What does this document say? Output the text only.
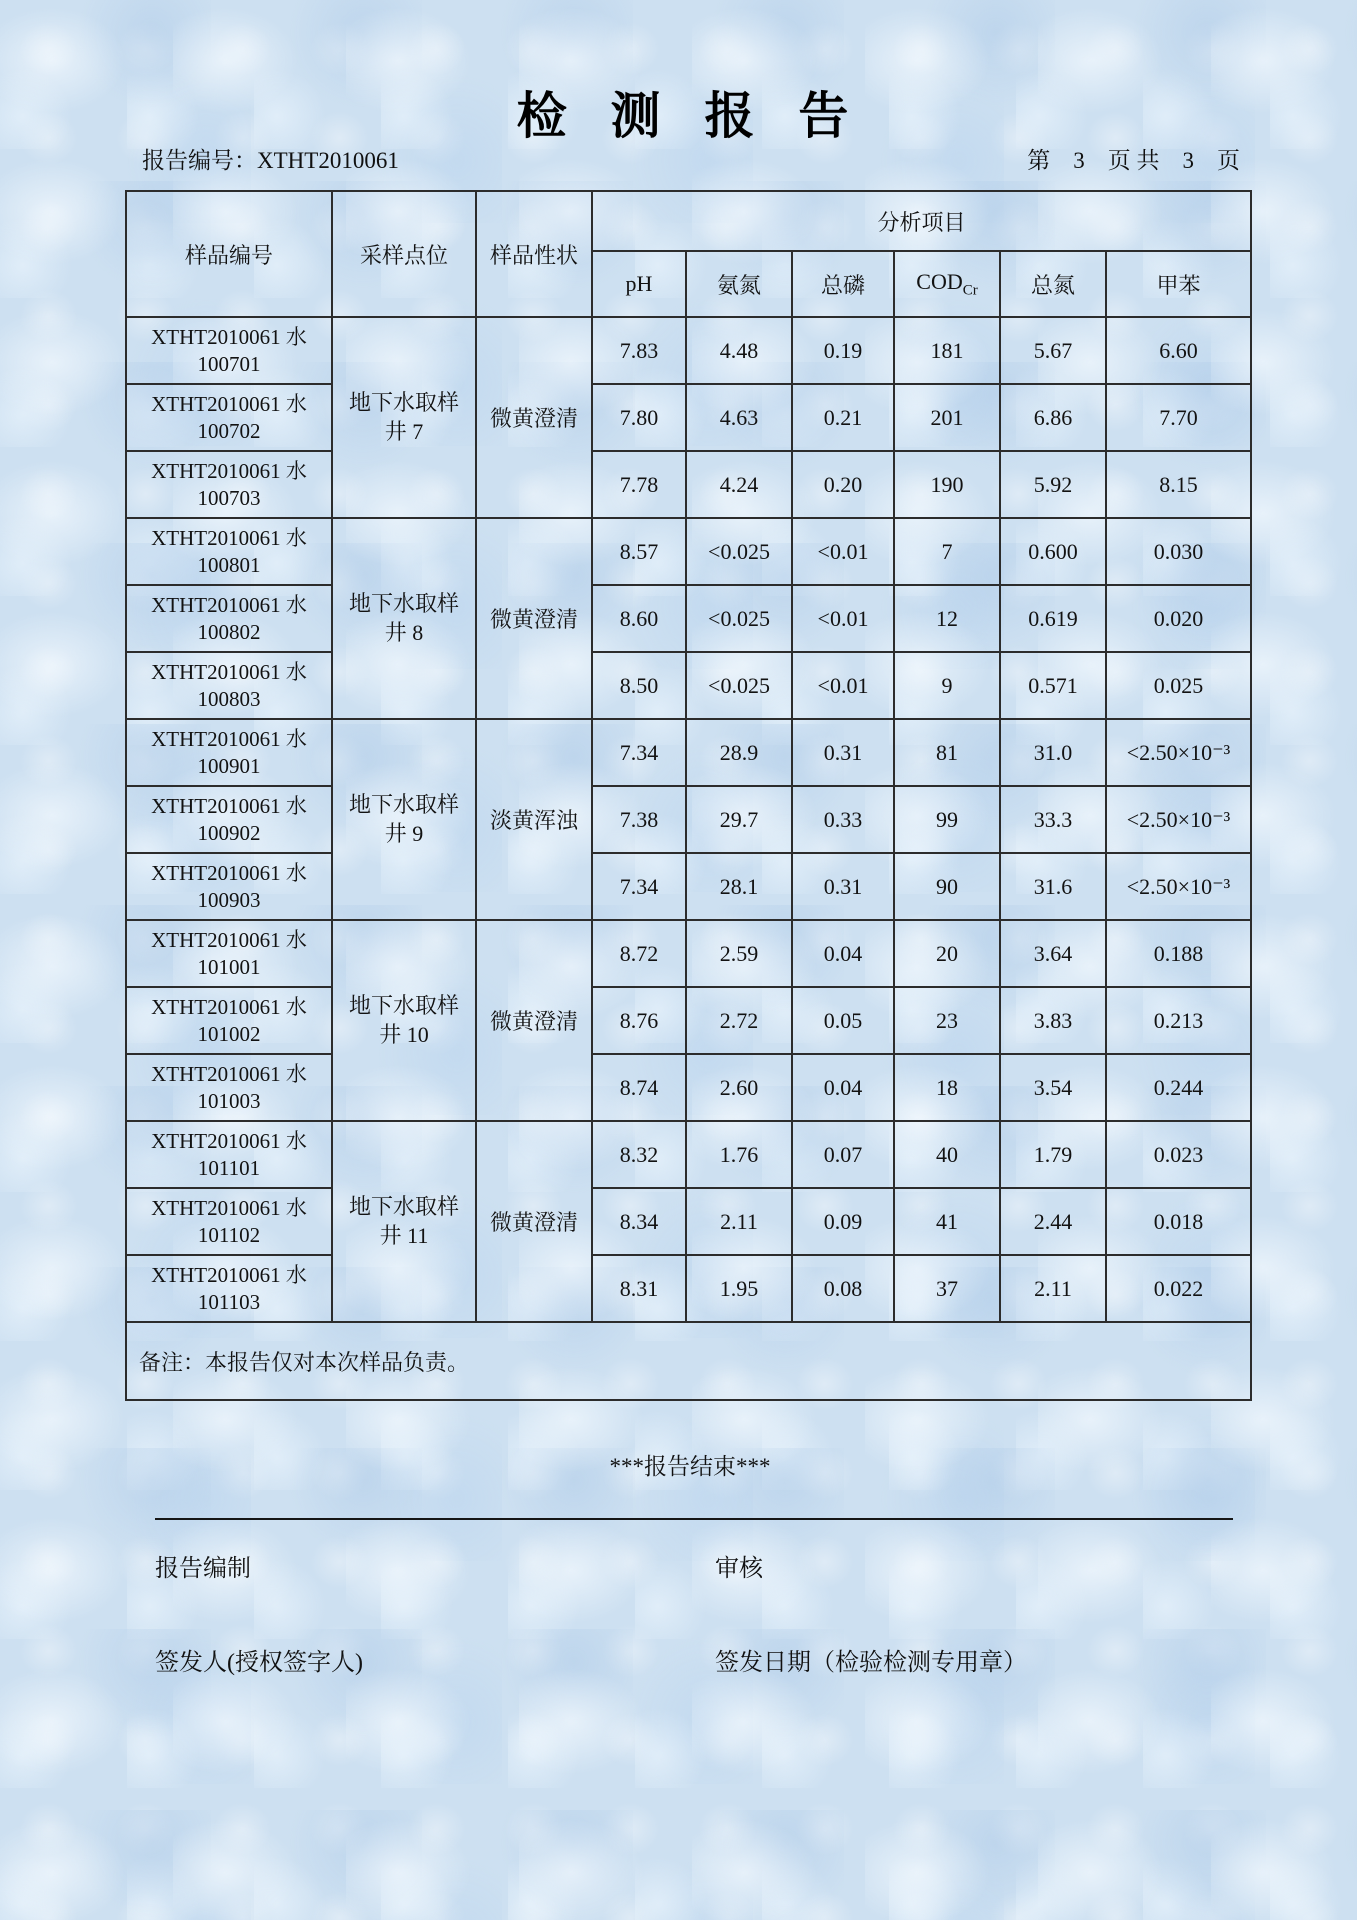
检 测 报 告
报告编号：XTHT2010061	第　3　页 共　3　页
样品编号	采样点位	样品性状	分析项目					
			pH	氨氮	总磷	$COD_{Cr}$	总氮	甲苯

XTHT2010061 水
100701	地下水取样
井 7	微黄澄清	7.83	4.48	0.19	181	5.67	6.60

XTHT2010061 水
100702			7.80	4.63	0.21	201	6.86	7.70

XTHT2010061 水
100703			7.78	4.24	0.20	190	5.92	8.15

XTHT2010061 水
100801	地下水取样
井 8	微黄澄清	8.57	<0.025	<0.01	7	0.600	0.030

XTHT2010061 水
100802			8.60	<0.025	<0.01	12	0.619	0.020

XTHT2010061 水
100803			8.50	<0.025	<0.01	9	0.571	0.025

XTHT2010061 水
100901	地下水取样
井 9	淡黄浑浊	7.34	28.9	0.31	81	31.0	<2.50×10⁻³

XTHT2010061 水
100902			7.38	29.7	0.33	99	33.3	<2.50×10⁻³

XTHT2010061 水
100903			7.34	28.1	0.31	90	31.6	<2.50×10⁻³

XTHT2010061 水
101001	地下水取样
井 10	微黄澄清	8.72	2.59	0.04	20	3.64	0.188

XTHT2010061 水
101002			8.76	2.72	0.05	23	3.83	0.213

XTHT2010061 水
101003			8.74	2.60	0.04	18	3.54	0.244

XTHT2010061 水
101101	地下水取样
井 11	微黄澄清	8.32	1.76	0.07	40	1.79	0.023

XTHT2010061 水
101102			8.34	2.11	0.09	41	2.44	0.018

XTHT2010061 水
101103			8.31	1.95	0.08	37	2.11	0.022
备注：本报告仅对本次样品负责。								
***报告结束***
报告编制	审核
签发人(授权签字人)	签发日期（检验检测专用章）
